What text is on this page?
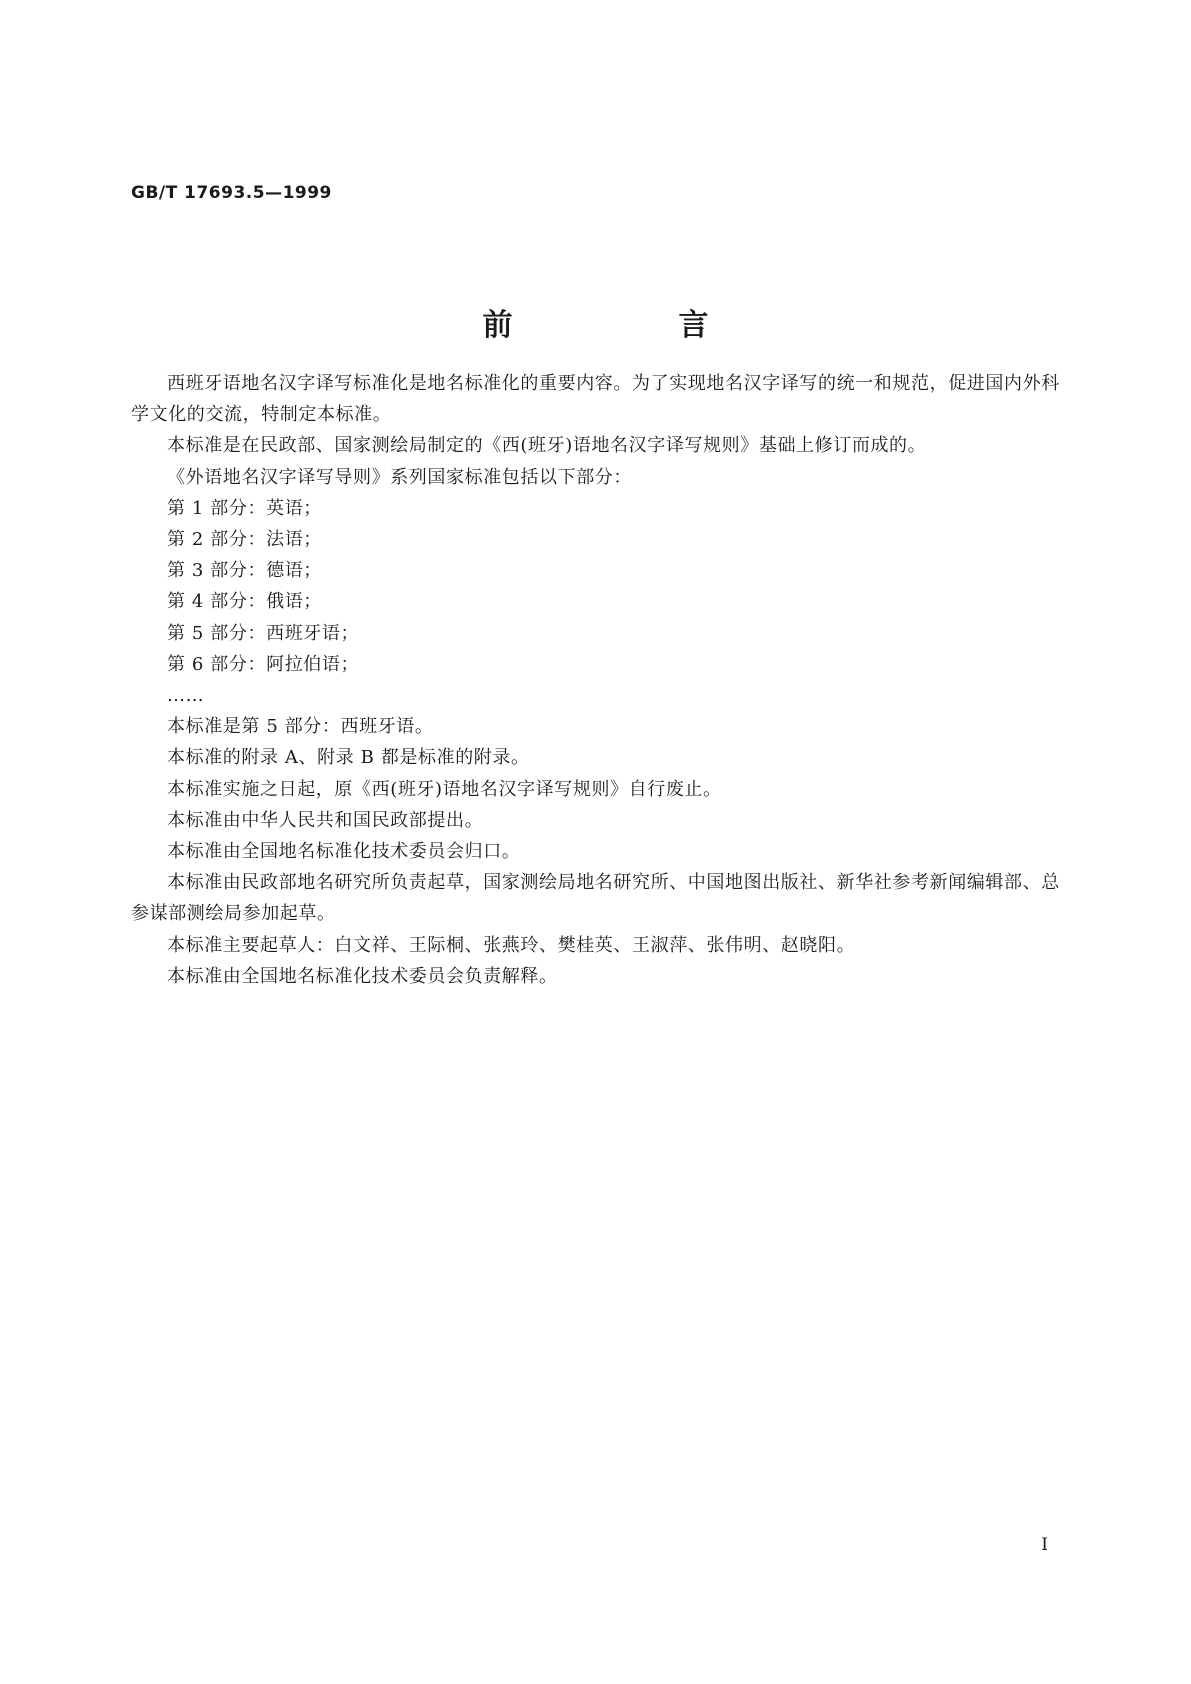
GB/T 17693.5—1999
前　言

西班牙语地名汉字译写标准化是地名标准化的重要内容。为了实现地名汉字译写的统一和规范，促进国内外科学文化的交流，特制定本标准。

本标准是在民政部、国家测绘局制定的《西(班牙)语地名汉字译写规则》基础上修订而成的。

《外语地名汉字译写导则》系列国家标准包括以下部分：

第 1 部分：英语；

第 2 部分：法语；

第 3 部分：德语；

第 4 部分：俄语；

第 5 部分：西班牙语；

第 6 部分：阿拉伯语；

……

本标准是第 5 部分：西班牙语。

本标准的附录 A、附录 B 都是标准的附录。

本标准实施之日起，原《西(班牙)语地名汉字译写规则》自行废止。

本标准由中华人民共和国民政部提出。

本标准由全国地名标准化技术委员会归口。

本标准由民政部地名研究所负责起草，国家测绘局地名研究所、中国地图出版社、新华社参考新闻编辑部、总参谋部测绘局参加起草。

本标准主要起草人：白文祥、王际桐、张燕玲、樊桂英、王淑萍、张伟明、赵晓阳。

本标准由全国地名标准化技术委员会负责解释。

I
